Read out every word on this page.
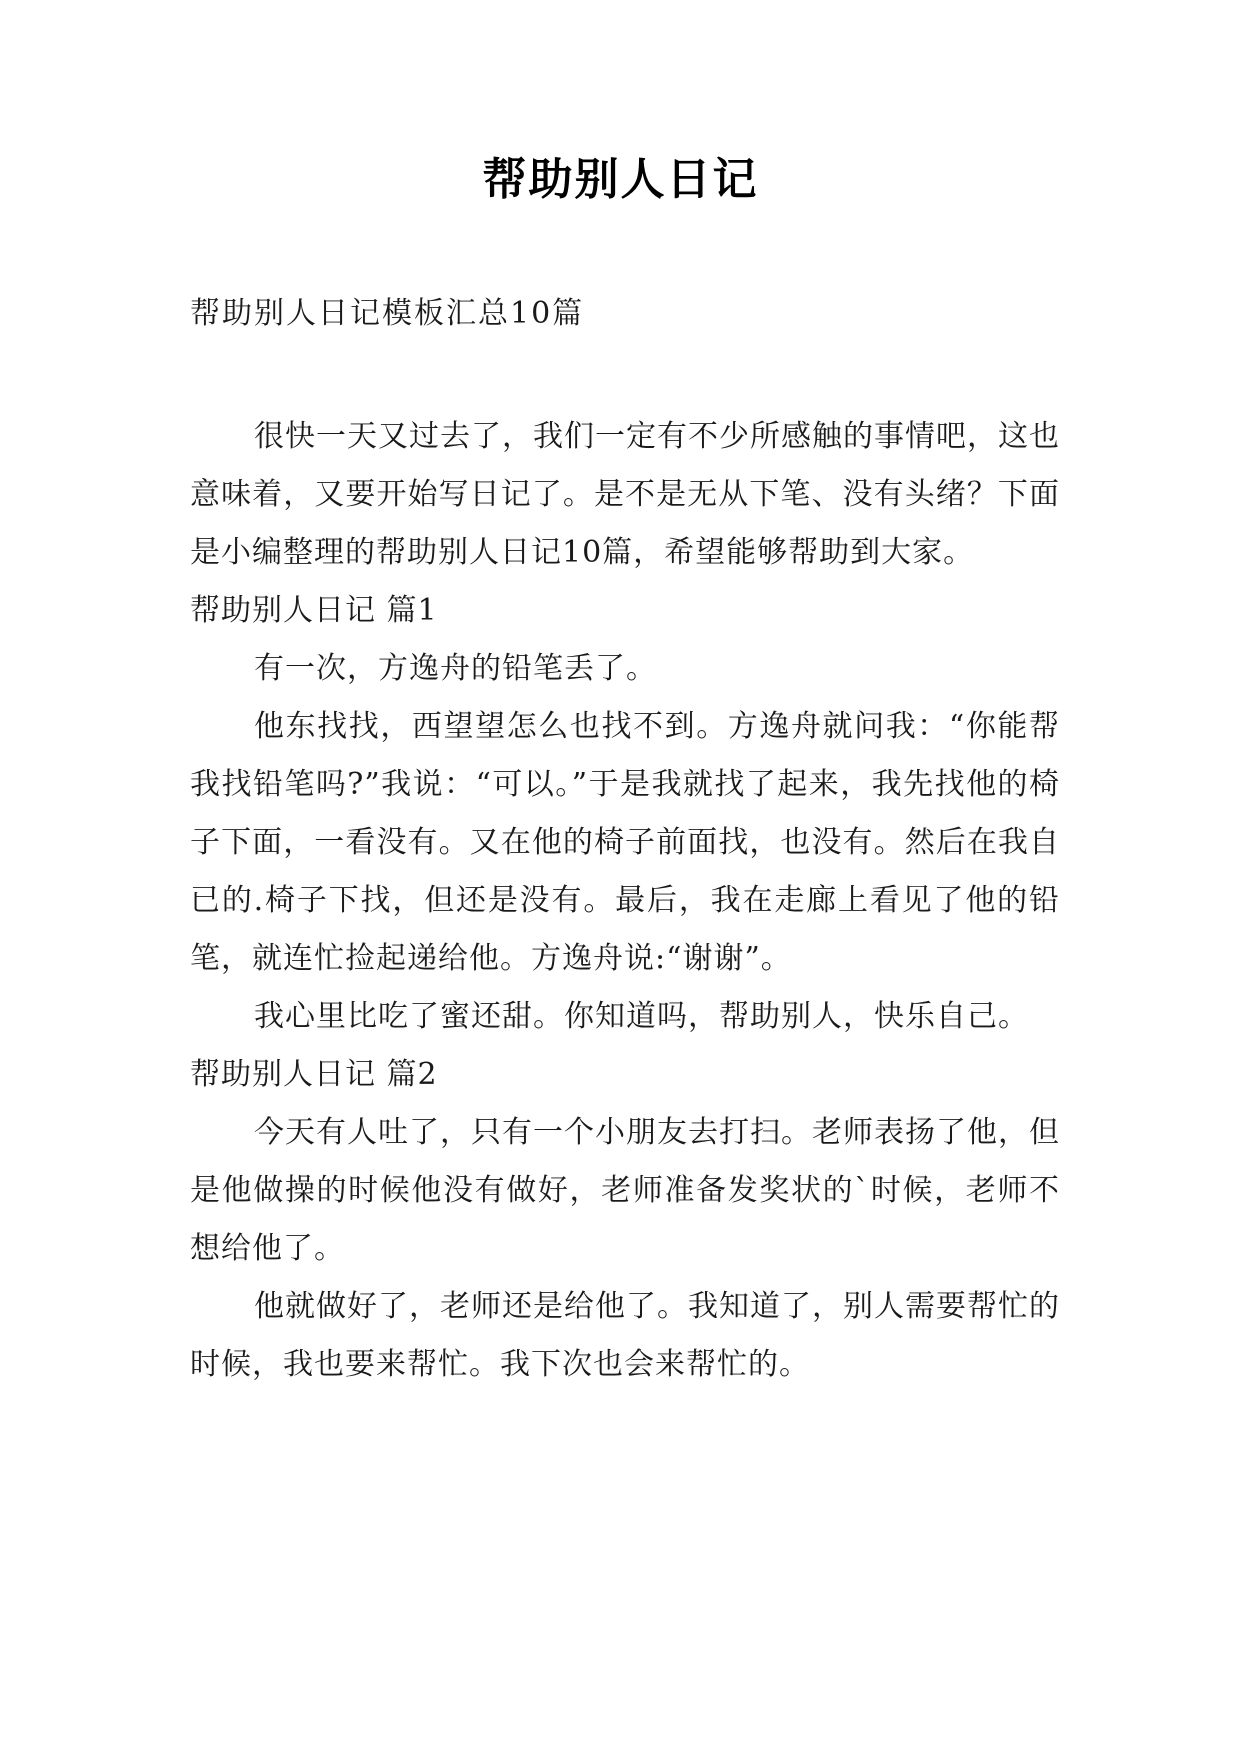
帮助别人日记
帮助别人日记模板汇总10篇

很快一天又过去了，我们一定有不少所感触的事情吧，这也意味着，又要开始写日记了。是不是无从下笔、没有头绪？下面是小编整理的帮助别人日记10篇，希望能够帮助到大家。

帮助别人日记 篇1

有一次，方逸舟的铅笔丢了。

他东找找，西望望怎么也找不到。方逸舟就问我：“你能帮我找铅笔吗?”我说：“可以。”于是我就找了起来，我先找他的椅子下面，一看没有。又在他的椅子前面找，也没有。然后在我自已的.椅子下找，但还是没有。最后，我在走廊上看见了他的铅笔，就连忙捡起递给他。方逸舟说:“谢谢”。

我心里比吃了蜜还甜。你知道吗，帮助别人，快乐自己。

帮助别人日记 篇2

今天有人吐了，只有一个小朋友去打扫。老师表扬了他，但是他做操的时候他没有做好，老师准备发奖状的`时候，老师不想给他了。

他就做好了，老师还是给他了。我知道了，别人需要帮忙的时候，我也要来帮忙。我下次也会来帮忙的。
